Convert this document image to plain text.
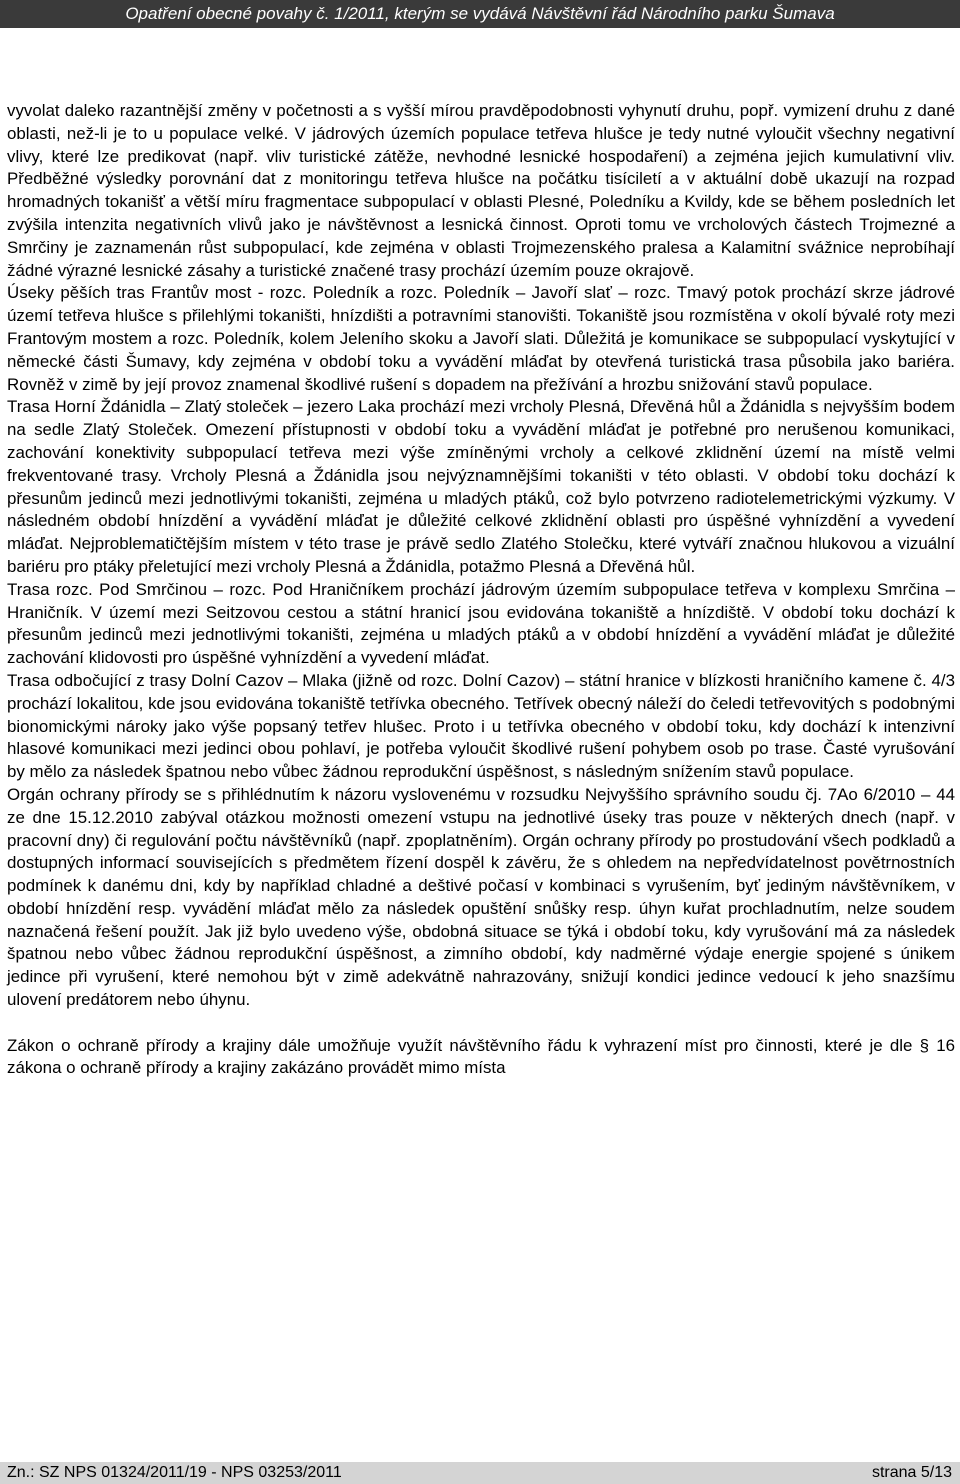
Opatření obecné povahy č. 1/2011, kterým se vydává Návštěvní řád Národního parku Šumava

vyvolat daleko razantnější změny v početnosti a s vyšší mírou pravděpodobnosti vyhynutí druhu, popř. vymizení druhu z dané oblasti, než-li je to u populace velké. V jádrových územích populace tetřeva hlušce je tedy nutné vyloučit všechny negativní vlivy, které lze predikovat (např. vliv turistické zátěže, nevhodné lesnické hospodaření) a zejména jejich kumulativní vliv. Předběžné výsledky porovnání dat z monitoringu tetřeva hlušce na počátku tisíciletí a v aktuální době ukazují na rozpad hromadných tokanišť a větší míru fragmentace subpopulací v oblasti Plesné, Poledníku a Kvildy, kde se během posledních let zvýšila intenzita negativních vlivů jako je návštěvnost a lesnická činnost. Oproti tomu ve vrcholových částech Trojmezné a Smrčiny je zaznamenán růst subpopulací, kde zejména v oblasti Trojmezenského pralesa a Kalamitní svážnice neprobíhají žádné výrazné lesnické zásahy a turistické značené trasy prochází územím pouze okrajově.

Úseky pěších tras Frantův most - rozc. Poledník a rozc. Poledník – Javoří slať – rozc. Tmavý potok prochází skrze jádrové území tetřeva hlušce s přilehlými tokaništi, hnízdišti a potravními stanovišti. Tokaniště jsou rozmístěna v okolí bývalé roty mezi Frantovým mostem a rozc. Poledník, kolem Jeleního skoku a Javoří slati. Důležitá je komunikace se subpopulací vyskytující v německé části Šumavy, kdy zejména v období toku a vyvádění mláďat by otevřená turistická trasa působila jako bariéra. Rovněž v zimě by její provoz znamenal škodlivé rušení s dopadem na přežívání a hrozbu snižování stavů populace.

Trasa Horní Ždánidla – Zlatý stoleček – jezero Laka prochází mezi vrcholy Plesná, Dřevěná hůl a Ždánidla s nejvyšším bodem na sedle Zlatý Stoleček. Omezení přístupnosti v období toku a vyvádění mláďat je potřebné pro nerušenou komunikaci, zachování konektivity subpopulací tetřeva mezi výše zmíněnými vrcholy a celkové zklidnění území na místě velmi frekventované trasy. Vrcholy Plesná a Ždánidla jsou nejvýznamnějšími tokaništi v této oblasti. V období toku dochází k přesunům jedinců mezi jednotlivými tokaništi, zejména u mladých ptáků, což bylo potvrzeno radiotelemetrickými výzkumy. V následném období hnízdění a vyvádění mláďat je důležité celkové zklidnění oblasti pro úspěšné vyhnízdění a vyvedení mláďat. Nejproblematičtějším místem v této trase je právě sedlo Zlatého Stolečku, které vytváří značnou hlukovou a vizuální bariéru pro ptáky přeletující mezi vrcholy Plesná a Ždánidla, potažmo Plesná a Dřevěná hůl.

Trasa rozc. Pod Smrčinou – rozc. Pod Hraničníkem prochází jádrovým územím subpopulace tetřeva v komplexu Smrčina – Hraničník. V území mezi Seitzovou cestou a státní hranicí jsou evidována tokaniště a hnízdiště. V období toku dochází k přesunům jedinců mezi jednotlivými tokaništi, zejména u mladých ptáků a v období hnízdění a vyvádění mláďat je důležité zachování klidovosti pro úspěšné vyhnízdění a vyvedení mláďat.

Trasa odbočující z trasy Dolní Cazov – Mlaka (jižně od rozc. Dolní Cazov) – státní hranice v blízkosti hraničního kamene č. 4/3 prochází lokalitou, kde jsou evidována tokaniště tetřívka obecného. Tetřívek obecný náleží do čeledi tetřevovitých s podobnými bionomickými nároky jako výše popsaný tetřev hlušec. Proto i u tetřívka obecného v období toku, kdy dochází k intenzivní hlasové komunikaci mezi jedinci obou pohlaví, je potřeba vyloučit škodlivé rušení pohybem osob po trase. Časté vyrušování by mělo za následek špatnou nebo vůbec žádnou reprodukční úspěšnost, s následným snížením stavů populace.

Orgán ochrany přírody se s přihlédnutím k názoru vyslovenému v rozsudku Nejvyššího správního soudu čj. 7Ao 6/2010 – 44 ze dne 15.12.2010 zabýval otázkou možnosti omezení vstupu na jednotlivé úseky tras pouze v některých dnech (např. v pracovní dny) či regulování počtu návštěvníků (např. zpoplatněním). Orgán ochrany přírody po prostudování všech podkladů a dostupných informací souvisejících s předmětem řízení dospěl k závěru, že s ohledem na nepředvídatelnost povětrnostních podmínek k danému dni, kdy by například chladné a deštivé počasí v kombinaci s vyrušením, byť jediným návštěvníkem, v období hnízdění resp. vyvádění mláďat mělo za následek opuštění snůšky resp. úhyn kuřat prochladnutím, nelze soudem naznačená řešení použít. Jak již bylo uvedeno výše, obdobná situace se týká i období toku, kdy vyrušování má za následek špatnou nebo vůbec žádnou reprodukční úspěšnost, a zimního období, kdy nadměrné výdaje energie spojené s únikem jedince při vyrušení, které nemohou být v zimě adekvátně nahrazovány, snižují kondici jedince vedoucí k jeho snazšímu ulovení predátorem nebo úhynu.

Zákon o ochraně přírody a krajiny dále umožňuje využít návštěvního řádu k vyhrazení míst pro činnosti, které je dle § 16 zákona o ochraně přírody a krajiny zakázáno provádět mimo místa

Zn.: SZ NPS 01324/2011/19 - NPS 03253/2011	strana 5/13
